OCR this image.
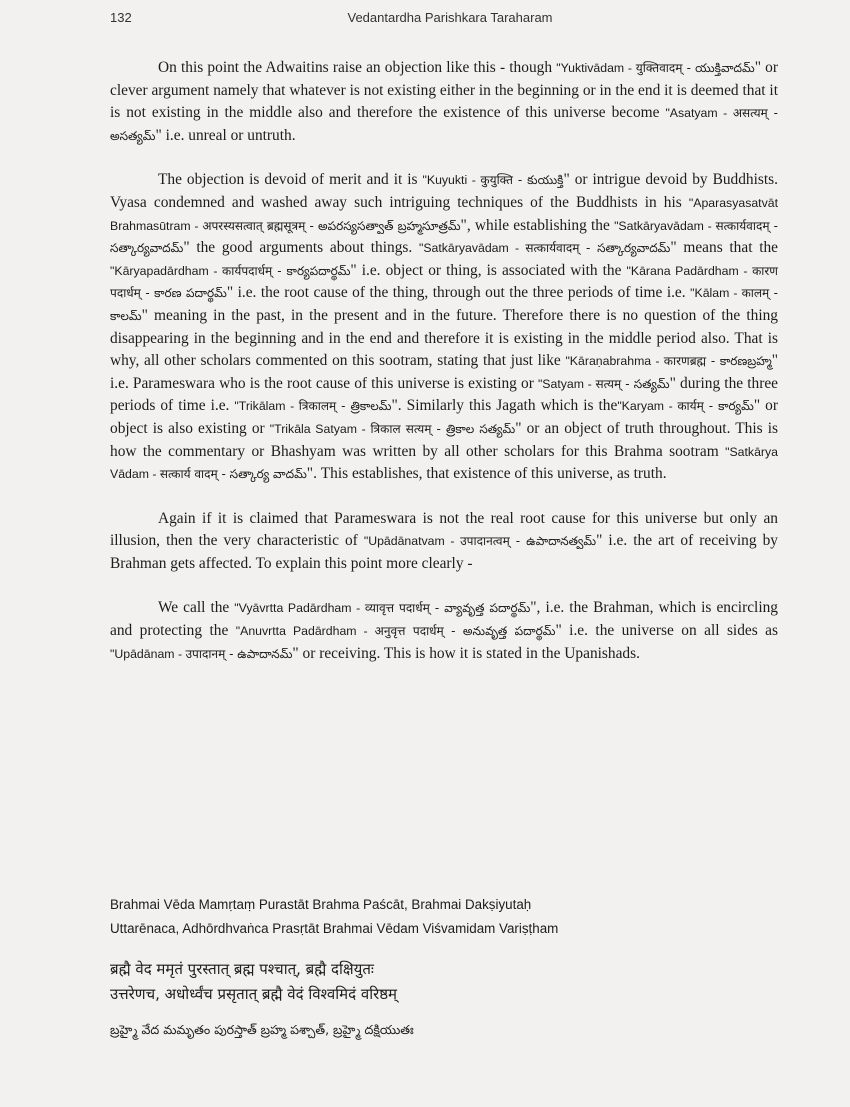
132	Vedantardha Parishkara Taraharam

On this point the Adwaitins raise an objection like this - though "Yuktivādam - युक्तिवादम् - యుక్తివాదమ్" or clever argument namely that whatever is not existing either in the beginning or in the end it is deemed that it is not existing in the middle also and therefore the existence of this universe become "Asatyam - असत्यम् - అసత్యమ్" i.e. unreal or untruth.

The objection is devoid of merit and it is "Kuyukti - कुयुक्ति - కుయుక్తి" or intrigue devoid by Buddhists. Vyasa condemned and washed away such intriguing techniques of the Buddhists in his "Aparasyasatvāt Brahmasūtram - अपरस्यसत्वात् ब्रह्मसूत्रम् - అపరస్యసత్వాత్ బ్రహ్మసూత్రమ్", while establishing the "Satkāryavādam - सत्कार्यवादम् - సత్కార్యవాదమ్" the good arguments about things. "Satkāryavādam - सत्कार्यवादम् - సత్కార్యవాదమ్" means that the "Kāryapadārdham - कार्यपदार्धम् - కార్యపదార్థమ్" i.e. object or thing, is associated with the "Kārana Padārdham - कारण पदार्धम् - కారణ పదార్థమ్" i.e. the root cause of the thing, through out the three periods of time i.e. "Kālam - कालम् - కాలమ్" meaning in the past, in the present and in the future. Therefore there is no question of the thing disappearing in the beginning and in the end and therefore it is existing in the middle period also. That is why, all other scholars commented on this sootram, stating that just like "Kāraṇabrahma - कारणब्रह्म - కారణబ్రహ్మ" i.e. Parameswara who is the root cause of this universe is existing or "Satyam - सत्यम् - సత్యమ్" during the three periods of time i.e. "Trikālam - त्रिकालम् - త్రికాలమ్". Similarly this Jagath which is the"Karyam - कार्यम् - కార్యమ్" or object is also existing or "Trikāla Satyam - त्रिकाल सत्यम् - త్రికాల సత్యమ్" or an object of truth throughout. This is how the commentary or Bhashyam was written by all other scholars for this Brahma sootram "Satkārya Vādam - सत्कार्य वादम् - సత్కార్య వాదమ్". This establishes, that existence of this universe, as truth.

Again if it is claimed that Parameswara is not the real root cause for this universe but only an illusion, then the very characteristic of "Upādānatvam - उपादानत्वम् - ఉపాదానత్వమ్" i.e. the art of receiving by Brahman gets affected. To explain this point more clearly -

We call the "Vyāvrtta Padārdham - व्यावृत्त पदार्धम् - వ్యావృత్త పదార్థమ్", i.e. the Brahman, which is encircling and protecting the "Anuvrtta Padārdham - अनुवृत्त पदार्धम् - అనువృత్త పదార్థమ్" i.e. the universe on all sides as "Upādānam - उपादानम् - ఉపాదానమ్" or receiving. This is how it is stated in the Upanishads.

Brahmai Vēda Mamṛtaṃ Purastāt Brahma Paścāt, Brahmai Dakṣiyutaḥ
Uttarēnaca, Adhōrdhvaṅca Prasṛtāt Brahmai Vēdam Viśvamidam Variṣṭham
ब्रह्मै वेद ममृतं पुरस्तात् ब्रह्म पश्चात्, ब्रह्मै दक्षियुतः
उत्तरेणच, अधोर्ध्वंच प्रसृतात् ब्रह्मै वेदं विश्वमिदं वरिष्ठम्
బ్రహ్మై వేద మమృతం పురస్తాత్ బ్రహ్మ పశ్చాత్, బ్రహ్మై దక్షియుతః
